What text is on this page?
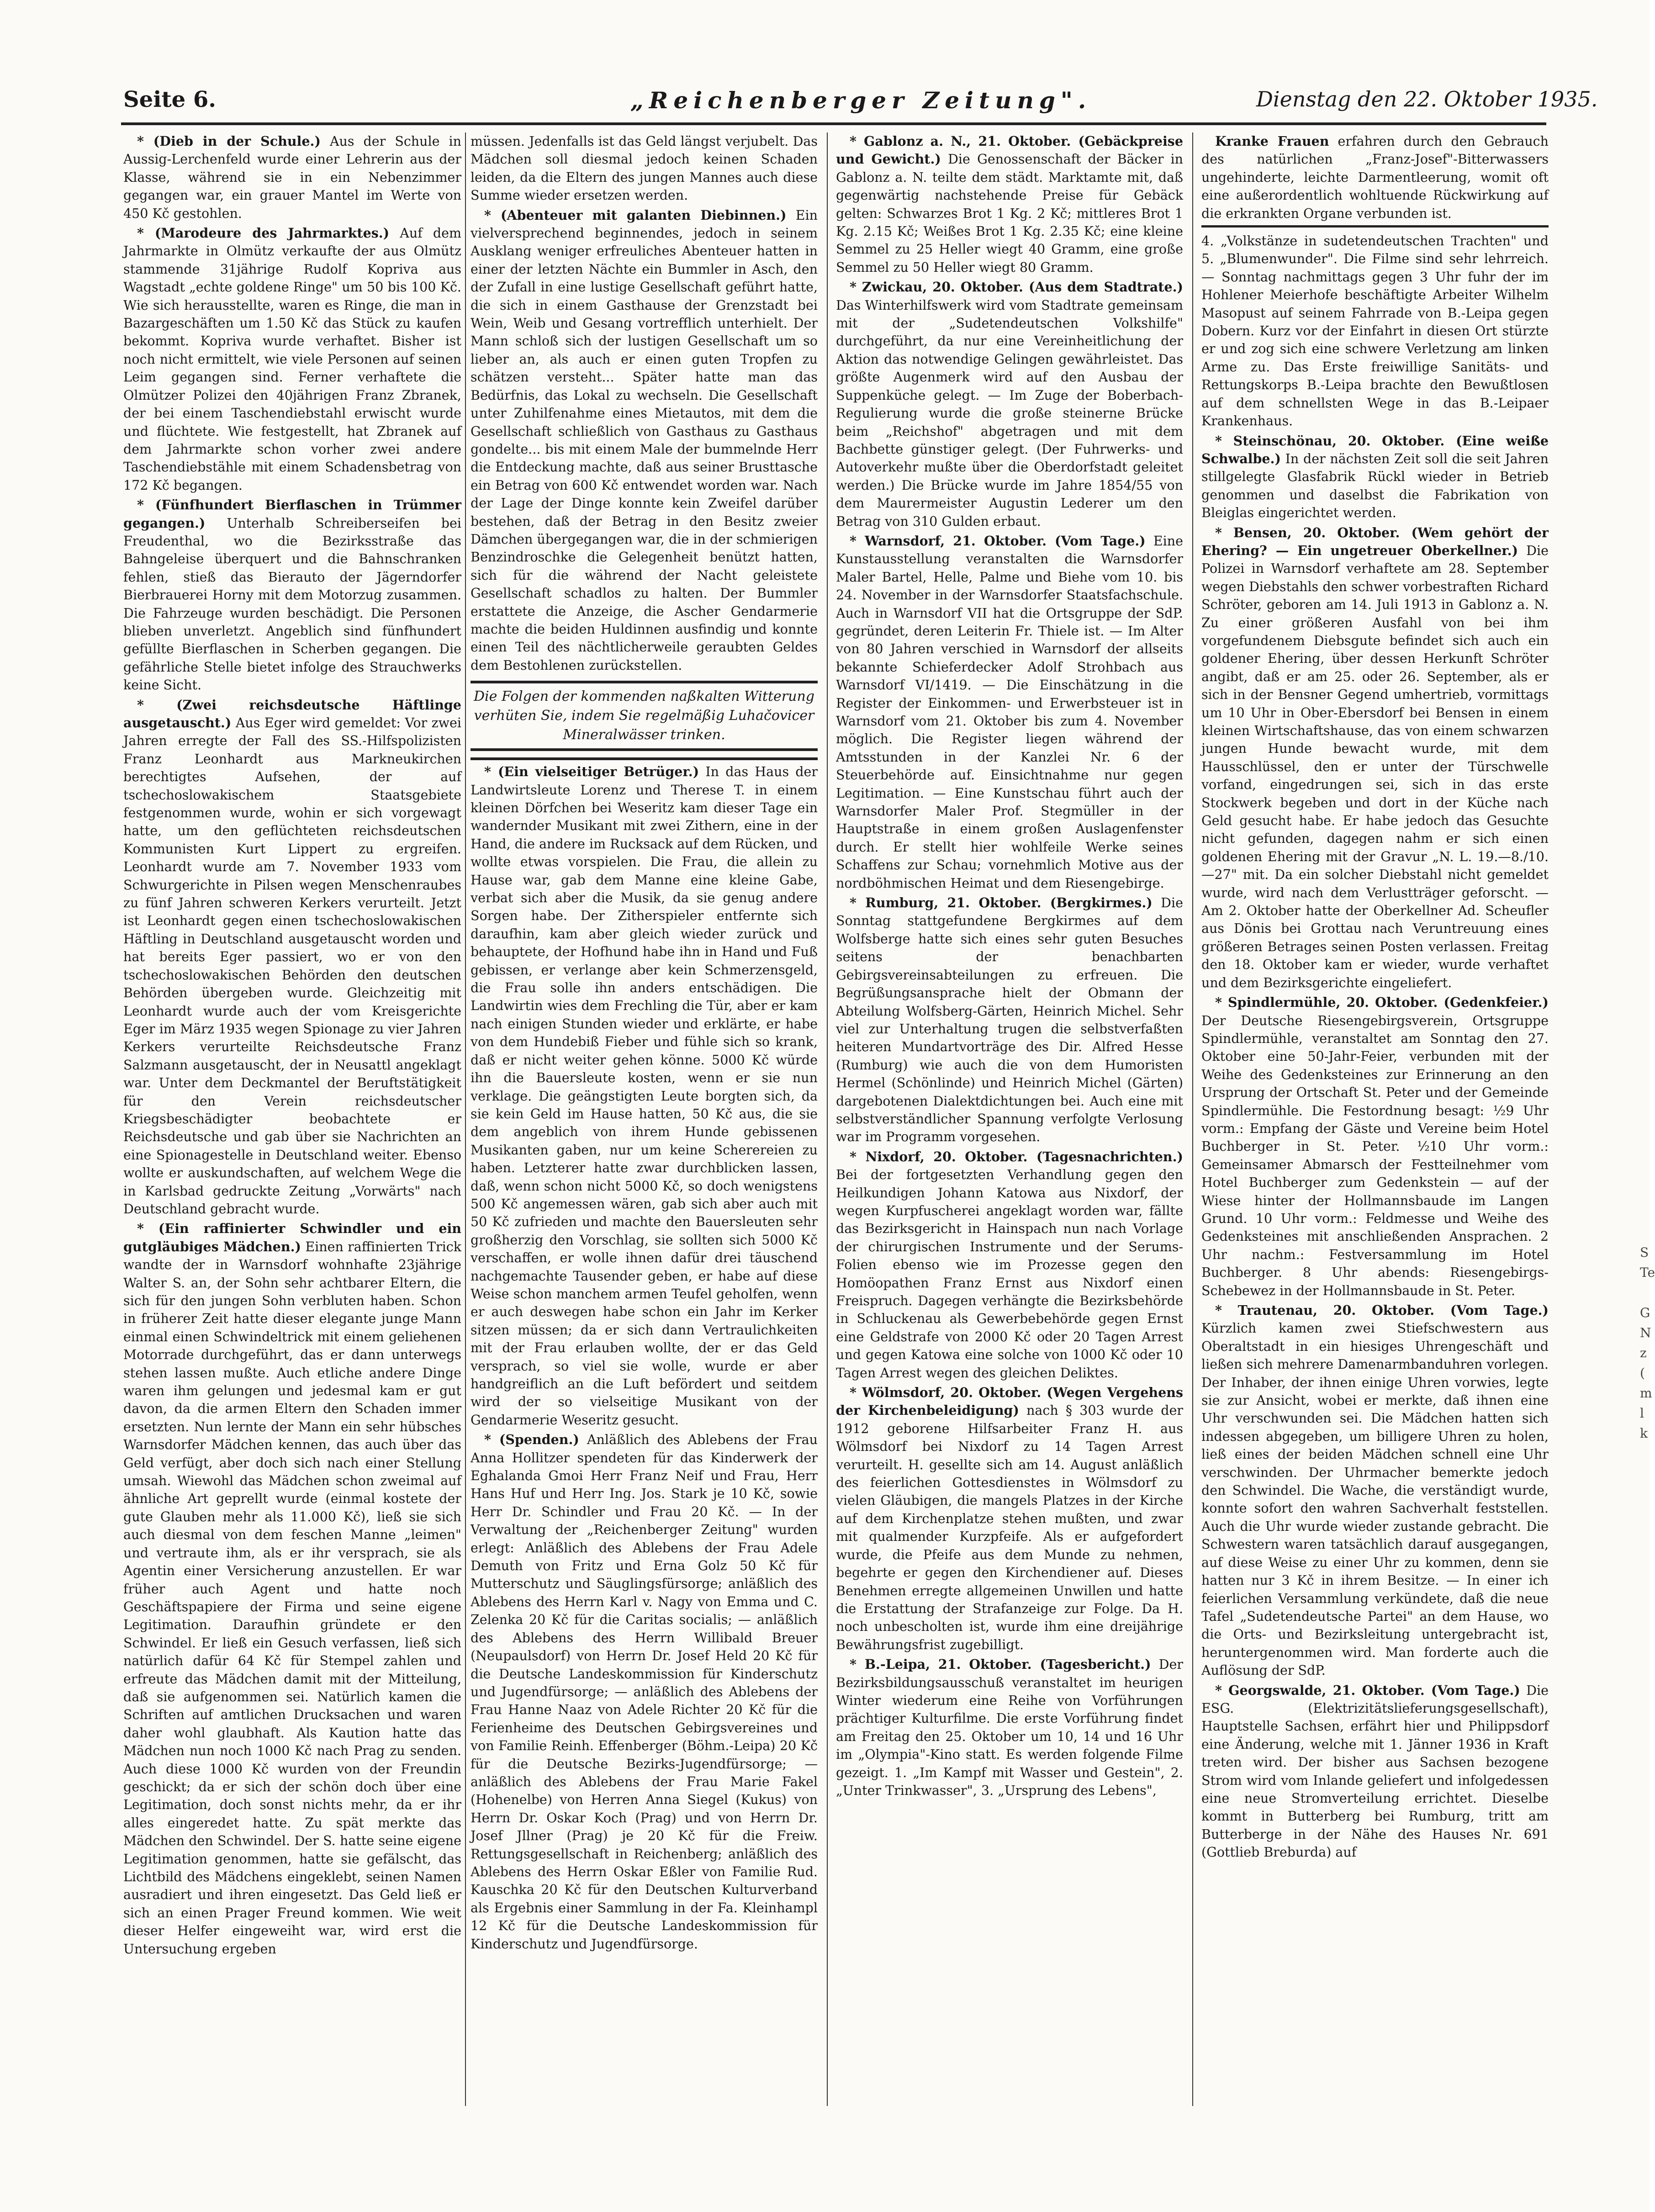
Seite 6.	„Reichenberger Zeitung".	Dienstag den 22. Oktober 1935.

* (Dieb in der Schule.) Aus der Schule in Aussig-Lerchenfeld wurde einer Lehrerin aus der Klasse, während sie in ein Nebenzimmer gegangen war, ein grauer Mantel im Werte von 450 Kč gestohlen.

* (Marodeure des Jahrmarktes.) Auf dem Jahrmarkte in Olmütz verkaufte der aus Olmütz stammende 31jährige Rudolf Kopriva aus Wagstadt „echte goldene Ringe" um 50 bis 100 Kč. Wie sich herausstellte, waren es Ringe, die man in Bazargeschäften um 1.50 Kč das Stück zu kaufen bekommt. Kopriva wurde verhaftet. Bisher ist noch nicht ermittelt, wie viele Personen auf seinen Leim gegangen sind. Ferner verhaftete die Olmützer Polizei den 40jährigen Franz Zbranek, der bei einem Taschendiebstahl erwischt wurde und flüchtete. Wie festgestellt, hat Zbranek auf dem Jahrmarkte schon vorher zwei andere Taschendiebstähle mit einem Schadensbetrag von 172 Kč begangen.

* (Fünfhundert Bierflaschen in Trümmer gegangen.) Unterhalb Schreiberseifen bei Freudenthal, wo die Bezirksstraße das Bahngeleise überquert und die Bahnschranken fehlen, stieß das Bierauto der Jägerndorfer Bierbrauerei Horny mit dem Motorzug zusammen. Die Fahrzeuge wurden beschädigt. Die Personen blieben unverletzt. Angeblich sind fünfhundert gefüllte Bierflaschen in Scherben gegangen. Die gefährliche Stelle bietet infolge des Strauchwerks keine Sicht.

* (Zwei reichsdeutsche Häftlinge ausgetauscht.) Aus Eger wird gemeldet: Vor zwei Jahren erregte der Fall des SS.-Hilfspolizisten Franz Leonhardt aus Markneukirchen berechtigtes Aufsehen, der auf tschechoslowakischem Staatsgebiete festgenommen wurde, wohin er sich vorgewagt hatte, um den geflüchteten reichsdeutschen Kommunisten Kurt Lippert zu ergreifen. Leonhardt wurde am 7. November 1933 vom Schwurgerichte in Pilsen wegen Menschenraubes zu fünf Jahren schweren Kerkers verurteilt. Jetzt ist Leonhardt gegen einen tschechoslowakischen Häftling in Deutschland ausgetauscht worden und hat bereits Eger passiert, wo er von den tschechoslowakischen Behörden den deutschen Behörden übergeben wurde. Gleichzeitig mit Leonhardt wurde auch der vom Kreisgerichte Eger im März 1935 wegen Spionage zu vier Jahren Kerkers verurteilte Reichsdeutsche Franz Salzmann ausgetauscht, der in Neusattl angeklagt war. Unter dem Deckmantel der Beruftstätigkeit für den Verein reichsdeutscher Kriegsbeschädigter beobachtete er Reichsdeutsche und gab über sie Nachrichten an eine Spionagestelle in Deutschland weiter. Ebenso wollte er auskundschaften, auf welchem Wege die in Karlsbad gedruckte Zeitung „Vorwärts" nach Deutschland gebracht wurde.

* (Ein raffinierter Schwindler und ein gutgläubiges Mädchen.) Einen raffinierten Trick wandte der in Warnsdorf wohnhafte 23jährige Walter S. an, der Sohn sehr achtbarer Eltern, die sich für den jungen Sohn verbluten haben. Schon in früherer Zeit hatte dieser elegante junge Mann einmal einen Schwindeltrick mit einem geliehenen Motorrade durchgeführt, das er dann unterwegs stehen lassen mußte. Auch etliche andere Dinge waren ihm gelungen und jedesmal kam er gut davon, da die armen Eltern den Schaden immer ersetzten. Nun lernte der Mann ein sehr hübsches Warnsdorfer Mädchen kennen, das auch über das Geld verfügt, aber doch sich nach einer Stellung umsah. Wiewohl das Mädchen schon zweimal auf ähnliche Art geprellt wurde (einmal kostete der gute Glauben mehr als 11.000 Kč), ließ sie sich auch diesmal von dem feschen Manne „leimen" und vertraute ihm, als er ihr versprach, sie als Agentin einer Versicherung anzustellen. Er war früher auch Agent und hatte noch Geschäftspapiere der Firma und seine eigene Legitimation. Daraufhin gründete er den Schwindel. Er ließ ein Gesuch verfassen, ließ sich natürlich dafür 64 Kč für Stempel zahlen und erfreute das Mädchen damit mit der Mitteilung, daß sie aufgenommen sei. Natürlich kamen die Schriften auf amtlichen Drucksachen und waren daher wohl glaubhaft. Als Kaution hatte das Mädchen nun noch 1000 Kč nach Prag zu senden. Auch diese 1000 Kč wurden von der Freundin geschickt; da er sich der schön doch über eine Legitimation, doch sonst nichts mehr, da er ihr alles eingeredet hatte. Zu spät merkte das Mädchen den Schwindel. Der S. hatte seine eigene Legitimation genommen, hatte sie gefälscht, das Lichtbild des Mädchens eingeklebt, seinen Namen ausradiert und ihren eingesetzt. Das Geld ließ er sich an einen Prager Freund kommen. Wie weit dieser Helfer eingeweiht war, wird erst die Untersuchung ergeben

müssen. Jedenfalls ist das Geld längst verjubelt. Das Mädchen soll diesmal jedoch keinen Schaden leiden, da die Eltern des jungen Mannes auch diese Summe wieder ersetzen werden.

* (Abenteuer mit galanten Diebinnen.) Ein vielversprechend beginnendes, jedoch in seinem Ausklang weniger erfreuliches Abenteuer hatten in einer der letzten Nächte ein Bummler in Asch, den der Zufall in eine lustige Gesellschaft geführt hatte, die sich in einem Gasthause der Grenzstadt bei Wein, Weib und Gesang vortrefflich unterhielt. Der Mann schloß sich der lustigen Gesellschaft um so lieber an, als auch er einen guten Tropfen zu schätzen versteht... Später hatte man das Bedürfnis, das Lokal zu wechseln. Die Gesellschaft unter Zuhilfenahme eines Mietautos, mit dem die Gesellschaft schließlich von Gasthaus zu Gasthaus gondelte... bis mit einem Male der bummelnde Herr die Entdeckung machte, daß aus seiner Brusttasche ein Betrag von 600 Kč entwendet worden war. Nach der Lage der Dinge konnte kein Zweifel darüber bestehen, daß der Betrag in den Besitz zweier Dämchen übergegangen war, die in der schmierigen Benzindroschke die Gelegenheit benützt hatten, sich für die während der Nacht geleistete Gesellschaft schadlos zu halten. Der Bummler erstattete die Anzeige, die Ascher Gendarmerie machte die beiden Huldinnen ausfindig und konnte einen Teil des nächtlicherweile geraubten Geldes dem Bestohlenen zurückstellen.

Die Folgen der kommenden naßkalten Witterung verhüten Sie, indem Sie regelmäßig Luhačovicer Mineralwässer trinken.

* (Ein vielseitiger Betrüger.) In das Haus der Landwirtsleute Lorenz und Therese T. in einem kleinen Dörfchen bei Weseritz kam dieser Tage ein wandernder Musikant mit zwei Zithern, eine in der Hand, die andere im Rucksack auf dem Rücken, und wollte etwas vorspielen. Die Frau, die allein zu Hause war, gab dem Manne eine kleine Gabe, verbat sich aber die Musik, da sie genug andere Sorgen habe. Der Zitherspieler entfernte sich daraufhin, kam aber gleich wieder zurück und behauptete, der Hofhund habe ihn in Hand und Fuß gebissen, er verlange aber kein Schmerzensgeld, die Frau solle ihn anders entschädigen. Die Landwirtin wies dem Frechling die Tür, aber er kam nach einigen Stunden wieder und erklärte, er habe von dem Hundebiß Fieber und fühle sich so krank, daß er nicht weiter gehen könne. 5000 Kč würde ihn die Bauersleute kosten, wenn er sie nun verklage. Die geängstigten Leute borgten sich, da sie kein Geld im Hause hatten, 50 Kč aus, die sie dem angeblich von ihrem Hunde gebissenen Musikanten gaben, nur um keine Scherereien zu haben. Letzterer hatte zwar durchblicken lassen, daß, wenn schon nicht 5000 Kč, so doch wenigstens 500 Kč angemessen wären, gab sich aber auch mit 50 Kč zufrieden und machte den Bauersleuten sehr großherzig den Vorschlag, sie sollten sich 5000 Kč verschaffen, er wolle ihnen dafür drei täuschend nachgemachte Tausender geben, er habe auf diese Weise schon manchem armen Teufel geholfen, wenn er auch deswegen habe schon ein Jahr im Kerker sitzen müssen; da er sich dann Vertraulichkeiten mit der Frau erlauben wollte, der er das Geld versprach, so viel sie wolle, wurde er aber handgreiflich an die Luft befördert und seitdem wird der so vielseitige Musikant von der Gendarmerie Weseritz gesucht.

* (Spenden.) Anläßlich des Ablebens der Frau Anna Hollitzer spendeten für das Kinderwerk der Eghalanda Gmoi Herr Franz Neif und Frau, Herr Hans Huf und Herr Ing. Jos. Stark je 10 Kč, sowie Herr Dr. Schindler und Frau 20 Kč. — In der Verwaltung der „Reichenberger Zeitung" wurden erlegt: Anläßlich des Ablebens der Frau Adele Demuth von Fritz und Erna Golz 50 Kč für Mutterschutz und Säuglingsfürsorge; anläßlich des Ablebens des Herrn Karl v. Nagy von Emma und C. Zelenka 20 Kč für die Caritas socialis; — anläßlich des Ablebens des Herrn Willibald Breuer (Neupaulsdorf) von Herrn Dr. Josef Held 20 Kč für die Deutsche Landeskommission für Kinderschutz und Jugendfürsorge; — anläßlich des Ablebens der Frau Hanne Naaz von Adele Richter 20 Kč für die Ferienheime des Deutschen Gebirgsvereines und von Familie Reinh. Effenberger (Böhm.-Leipa) 20 Kč für die Deutsche Bezirks-Jugendfürsorge; — anläßlich des Ablebens der Frau Marie Fakel (Hohenelbe) von Herren Anna Siegel (Kukus) von Herrn Dr. Oskar Koch (Prag) und von Herrn Dr. Josef Jllner (Prag) je 20 Kč für die Freiw. Rettungsgesellschaft in Reichenberg; anläßlich des Ablebens des Herrn Oskar Eßler von Familie Rud. Kauschka 20 Kč für den Deutschen Kulturverband als Ergebnis einer Sammlung in der Fa. Kleinhampl 12 Kč für die Deutsche Landeskommission für Kinderschutz und Jugendfürsorge.

* Gablonz a. N., 21. Oktober. (Gebäckpreise und Gewicht.) Die Genossenschaft der Bäcker in Gablonz a. N. teilte dem städt. Marktamte mit, daß gegenwärtig nachstehende Preise für Gebäck gelten: Schwarzes Brot 1 Kg. 2 Kč; mittleres Brot 1 Kg. 2.15 Kč; Weißes Brot 1 Kg. 2.35 Kč; eine kleine Semmel zu 25 Heller wiegt 40 Gramm, eine große Semmel zu 50 Heller wiegt 80 Gramm.

* Zwickau, 20. Oktober. (Aus dem Stadtrate.) Das Winterhilfswerk wird vom Stadtrate gemeinsam mit der „Sudetendeutschen Volkshilfe" durchgeführt, da nur eine Vereinheitlichung der Aktion das notwendige Gelingen gewährleistet. Das größte Augenmerk wird auf den Ausbau der Suppenküche gelegt. — Im Zuge der Boberbach-Regulierung wurde die große steinerne Brücke beim „Reichshof" abgetragen und mit dem Bachbette günstiger gelegt. (Der Fuhrwerks- und Autoverkehr mußte über die Oberdorfstadt geleitet werden.) Die Brücke wurde im Jahre 1854/55 von dem Maurermeister Augustin Lederer um den Betrag von 310 Gulden erbaut.

* Warnsdorf, 21. Oktober. (Vom Tage.) Eine Kunstausstellung veranstalten die Warnsdorfer Maler Bartel, Helle, Palme und Biehe vom 10. bis 24. November in der Warnsdorfer Staatsfachschule. Auch in Warnsdorf VII hat die Ortsgruppe der SdP. gegründet, deren Leiterin Fr. Thiele ist. — Im Alter von 80 Jahren verschied in Warnsdorf der allseits bekannte Schieferdecker Adolf Strohbach aus Warnsdorf VI/1419. — Die Einschätzung in die Register der Einkommen- und Erwerbsteuer ist in Warnsdorf vom 21. Oktober bis zum 4. November möglich. Die Register liegen während der Amtsstunden in der Kanzlei Nr. 6 der Steuerbehörde auf. Einsichtnahme nur gegen Legitimation. — Eine Kunstschau führt auch der Warnsdorfer Maler Prof. Stegmüller in der Hauptstraße in einem großen Auslagenfenster durch. Er stellt hier wohlfeile Werke seines Schaffens zur Schau; vornehmlich Motive aus der nordböhmischen Heimat und dem Riesengebirge.

* Rumburg, 21. Oktober. (Bergkirmes.) Die Sonntag stattgefundene Bergkirmes auf dem Wolfsberge hatte sich eines sehr guten Besuches seitens der benachbarten Gebirgsvereinsabteilungen zu erfreuen. Die Begrüßungsansprache hielt der Obmann der Abteilung Wolfsberg-Gärten, Heinrich Michel. Sehr viel zur Unterhaltung trugen die selbstverfaßten heiteren Mundartvorträge des Dir. Alfred Hesse (Rumburg) wie auch die von dem Humoristen Hermel (Schönlinde) und Heinrich Michel (Gärten) dargebotenen Dialektdichtungen bei. Auch eine mit selbstverständlicher Spannung verfolgte Verlosung war im Programm vorgesehen.

* Nixdorf, 20. Oktober. (Tagesnachrichten.) Bei der fortgesetzten Verhandlung gegen den Heilkundigen Johann Katowa aus Nixdorf, der wegen Kurpfuscherei angeklagt worden war, fällte das Bezirksgericht in Hainspach nun nach Vorlage der chirurgischen Instrumente und der Serums-Folien ebenso wie im Prozesse gegen den Homöopathen Franz Ernst aus Nixdorf einen Freispruch. Dagegen verhängte die Bezirksbehörde in Schluckenau als Gewerbebehörde gegen Ernst eine Geldstrafe von 2000 Kč oder 20 Tagen Arrest und gegen Katowa eine solche von 1000 Kč oder 10 Tagen Arrest wegen des gleichen Deliktes.

* Wölmsdorf, 20. Oktober. (Wegen Vergehens der Kirchenbeleidigung) nach § 303 wurde der 1912 geborene Hilfsarbeiter Franz H. aus Wölmsdorf bei Nixdorf zu 14 Tagen Arrest verurteilt. H. gesellte sich am 14. August anläßlich des feierlichen Gottesdienstes in Wölmsdorf zu vielen Gläubigen, die mangels Platzes in der Kirche auf dem Kirchenplatze stehen mußten, und zwar mit qualmender Kurzpfeife. Als er aufgefordert wurde, die Pfeife aus dem Munde zu nehmen, begehrte er gegen den Kirchendiener auf. Dieses Benehmen erregte allgemeinen Unwillen und hatte die Erstattung der Strafanzeige zur Folge. Da H. noch unbescholten ist, wurde ihm eine dreijährige Bewährungsfrist zugebilligt.

* B.-Leipa, 21. Oktober. (Tagesbericht.) Der Bezirksbildungsausschuß veranstaltet im heurigen Winter wiederum eine Reihe von Vorführungen prächtiger Kulturfilme. Die erste Vorführung findet am Freitag den 25. Oktober um 10, 14 und 16 Uhr im „Olympia"-Kino statt. Es werden folgende Filme gezeigt. 1. „Im Kampf mit Wasser und Gestein", 2. „Unter Trinkwasser", 3. „Ursprung des Lebens",

Kranke Frauen erfahren durch den Gebrauch des natürlichen „Franz-Josef"-Bitterwassers ungehinderte, leichte Darmentleerung, womit oft eine außerordentlich wohltuende Rückwirkung auf die erkrankten Organe verbunden ist.

4. „Volkstänze in sudetendeutschen Trachten" und 5. „Blumenwunder". Die Filme sind sehr lehrreich. — Sonntag nachmittags gegen 3 Uhr fuhr der im Hohlener Meierhofe beschäftigte Arbeiter Wilhelm Masopust auf seinem Fahrrade von B.-Leipa gegen Dobern. Kurz vor der Einfahrt in diesen Ort stürzte er und zog sich eine schwere Verletzung am linken Arme zu. Das Erste freiwillige Sanitäts- und Rettungskorps B.-Leipa brachte den Bewußtlosen auf dem schnellsten Wege in das B.-Leipaer Krankenhaus.

* Steinschönau, 20. Oktober. (Eine weiße Schwalbe.) In der nächsten Zeit soll die seit Jahren stillgelegte Glasfabrik Rückl wieder in Betrieb genommen und daselbst die Fabrikation von Bleiglas eingerichtet werden.

* Bensen, 20. Oktober. (Wem gehört der Ehering? — Ein ungetreuer Oberkellner.) Die Polizei in Warnsdorf verhaftete am 28. September wegen Diebstahls den schwer vorbestraften Richard Schröter, geboren am 14. Juli 1913 in Gablonz a. N. Zu einer größeren Ausfahl von bei ihm vorgefundenem Diebsgute befindet sich auch ein goldener Ehering, über dessen Herkunft Schröter angibt, daß er am 25. oder 26. September, als er sich in der Bensner Gegend umhertrieb, vormittags um 10 Uhr in Ober-Ebersdorf bei Bensen in einem kleinen Wirtschaftshause, das von einem schwarzen jungen Hunde bewacht wurde, mit dem Hausschlüssel, den er unter der Türschwelle vorfand, eingedrungen sei, sich in das erste Stockwerk begeben und dort in der Küche nach Geld gesucht habe. Er habe jedoch das Gesuchte nicht gefunden, dagegen nahm er sich einen goldenen Ehering mit der Gravur „N. L. 19.—8./10.—27" mit. Da ein solcher Diebstahl nicht gemeldet wurde, wird nach dem Verlustträger geforscht. — Am 2. Oktober hatte der Oberkellner Ad. Scheufler aus Dönis bei Grottau nach Veruntreuung eines größeren Betrages seinen Posten verlassen. Freitag den 18. Oktober kam er wieder, wurde verhaftet und dem Bezirksgerichte eingeliefert.

* Spindlermühle, 20. Oktober. (Gedenkfeier.) Der Deutsche Riesengebirgsverein, Ortsgruppe Spindlermühle, veranstaltet am Sonntag den 27. Oktober eine 50-Jahr-Feier, verbunden mit der Weihe des Gedenksteines zur Erinnerung an den Ursprung der Ortschaft St. Peter und der Gemeinde Spindlermühle. Die Festordnung besagt: ½9 Uhr vorm.: Empfang der Gäste und Vereine beim Hotel Buchberger in St. Peter. ½10 Uhr vorm.: Gemeinsamer Abmarsch der Festteilnehmer vom Hotel Buchberger zum Gedenkstein — auf der Wiese hinter der Hollmannsbaude im Langen Grund. 10 Uhr vorm.: Feldmesse und Weihe des Gedenksteines mit anschließenden Ansprachen. 2 Uhr nachm.: Festversammlung im Hotel Buchberger. 8 Uhr abends: Riesengebirgs-Schebewez in der Hollmannsbaude in St. Peter.

* Trautenau, 20. Oktober. (Vom Tage.) Kürzlich kamen zwei Stiefschwestern aus Oberaltstadt in ein hiesiges Uhrengeschäft und ließen sich mehrere Damenarmbanduhren vorlegen. Der Inhaber, der ihnen einige Uhren vorwies, legte sie zur Ansicht, wobei er merkte, daß ihnen eine Uhr verschwunden sei. Die Mädchen hatten sich indessen abgegeben, um billigere Uhren zu holen, ließ eines der beiden Mädchen schnell eine Uhr verschwinden. Der Uhrmacher bemerkte jedoch den Schwindel. Die Wache, die verständigt wurde, konnte sofort den wahren Sachverhalt feststellen. Auch die Uhr wurde wieder zustande gebracht. Die Schwestern waren tatsächlich darauf ausgegangen, auf diese Weise zu einer Uhr zu kommen, denn sie hatten nur 3 Kč in ihrem Besitze. — In einer ich feierlichen Versammlung verkündete, daß die neue Tafel „Sudetendeutsche Partei" an dem Hause, wo die Orts- und Bezirksleitung untergebracht ist, heruntergenommen wird. Man forderte auch die Auflösung der SdP.

* Georgswalde, 21. Oktober. (Vom Tage.) Die ESG. (Elektrizitätslieferungsgesellschaft), Hauptstelle Sachsen, erfährt hier und Philippsdorf eine Änderung, welche mit 1. Jänner 1936 in Kraft treten wird. Der bisher aus Sachsen bezogene Strom wird vom Inlande geliefert und infolgedessen eine neue Stromverteilung errichtet. Dieselbe kommt in Butterberg bei Rumburg, tritt am Butterberge in der Nähe des Hauses Nr. 691 (Gottlieb Breburda) auf

S
Te

G
N
z
(
m
l
k
